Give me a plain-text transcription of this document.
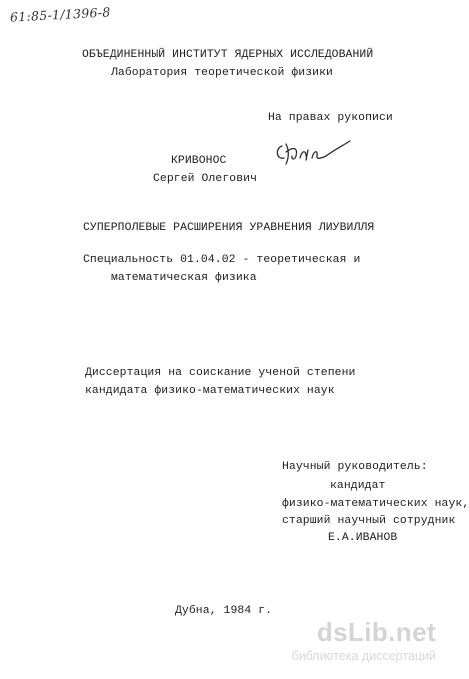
61:85-1/1396-8
ОБЪЕДИНЕННЫЙ ИНСТИТУТ ЯДЕРНЫХ ИССЛЕДОВАНИЙ
Лаборатория теоретической физики
На правах рукописи
КРИВОНОС
Сергей Олегович
СУПЕРПОЛЕВЫЕ РАСШИРЕНИЯ УРАВНЕНИЯ ЛИУВИЛЛЯ
Специальность 01.04.02 - теоретическая и
математическая физика
Диссертация на соискание ученой степени
кандидата физико-математических наук
Научный руководитель:
кандидат
физико-математических наук,
старший научный сотрудник
Е.А.ИВАНОВ
Дубна, 1984 г.
dsLib.net
библиотека диссертаций
